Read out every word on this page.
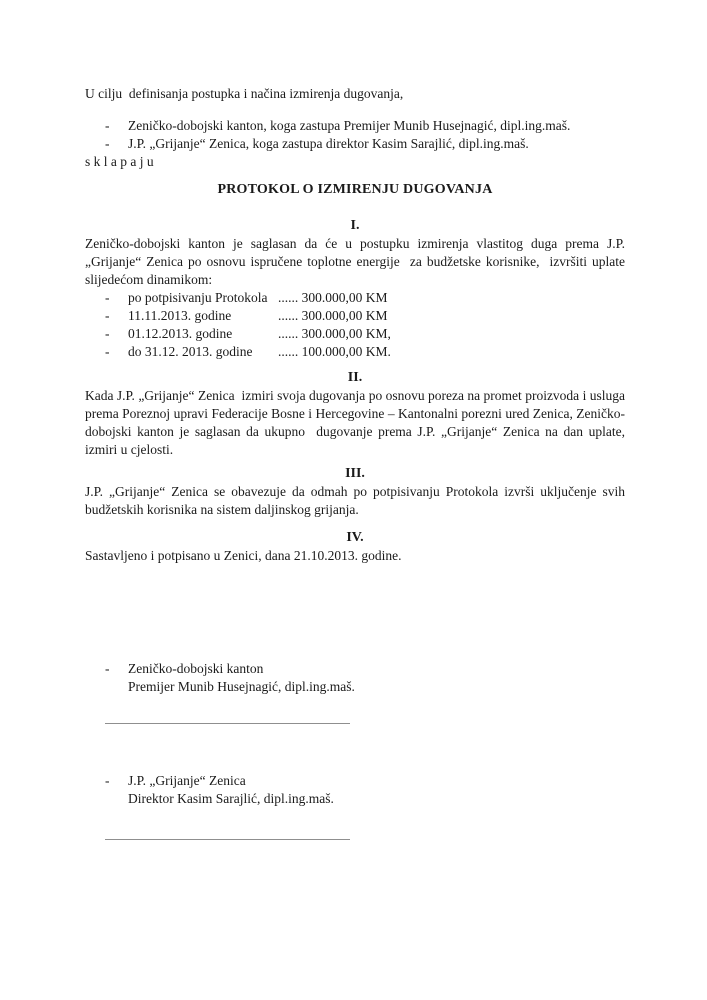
U cilju  definisanja postupka i načina izmirenja dugovanja,

-
Zeničko-dobojski kanton, koga zastupa Premijer Munib Husejnagić, dipl.ing.maš.
-
J.P. „Grijanje“ Zenica, koga zastupa direktor Kasim Sarajlić, dipl.ing.maš.
s k l a p a j u
PROTOKOL O IZMIRENJU DUGOVANJA
I.

Zeničko-dobojski kanton je saglasan da će u postupku izmirenja vlastitog duga prema J.P. „Grijanje“ Zenica po osnovu ispručene toplotne energije  za budžetske korisnike,  izvršiti uplate slijedećom dinamikom:

-
po potpisivanju Protokola ...... 300.000,00 KM
-
11.11.2013. godine	...... 300.000,00 KM
-
01.12.2013. godine	...... 300.000,00 KM,
-
do 31.12. 2013. godine	...... 100.000,00 KM.
II.

Kada J.P. „Grijanje“ Zenica  izmiri svoja dugovanja po osnovu poreza na promet proizvoda i usluga  prema Poreznoj upravi Federacije Bosne i Hercegovine – Kantonalni porezni ured Zenica, Zeničko-dobojski kanton je saglasan da ukupno  dugovanje prema J.P. „Grijanje“ Zenica na dan uplate,  izmiri u cjelosti.

III.

J.P. „Grijanje“ Zenica se obavezuje da odmah po potpisivanju Protokola izvrši uključenje svih budžetskih korisnika na sistem daljinskog grijanja.

IV.

Sastavljeno i potpisano u Zenici, dana 21.10.2013. godine.

-
Zeničko-dobojski kanton
Premijer Munib Husejnagić, dipl.ing.maš.
-
J.P. „Grijanje“ Zenica
Direktor Kasim Sarajlić, dipl.ing.maš.
